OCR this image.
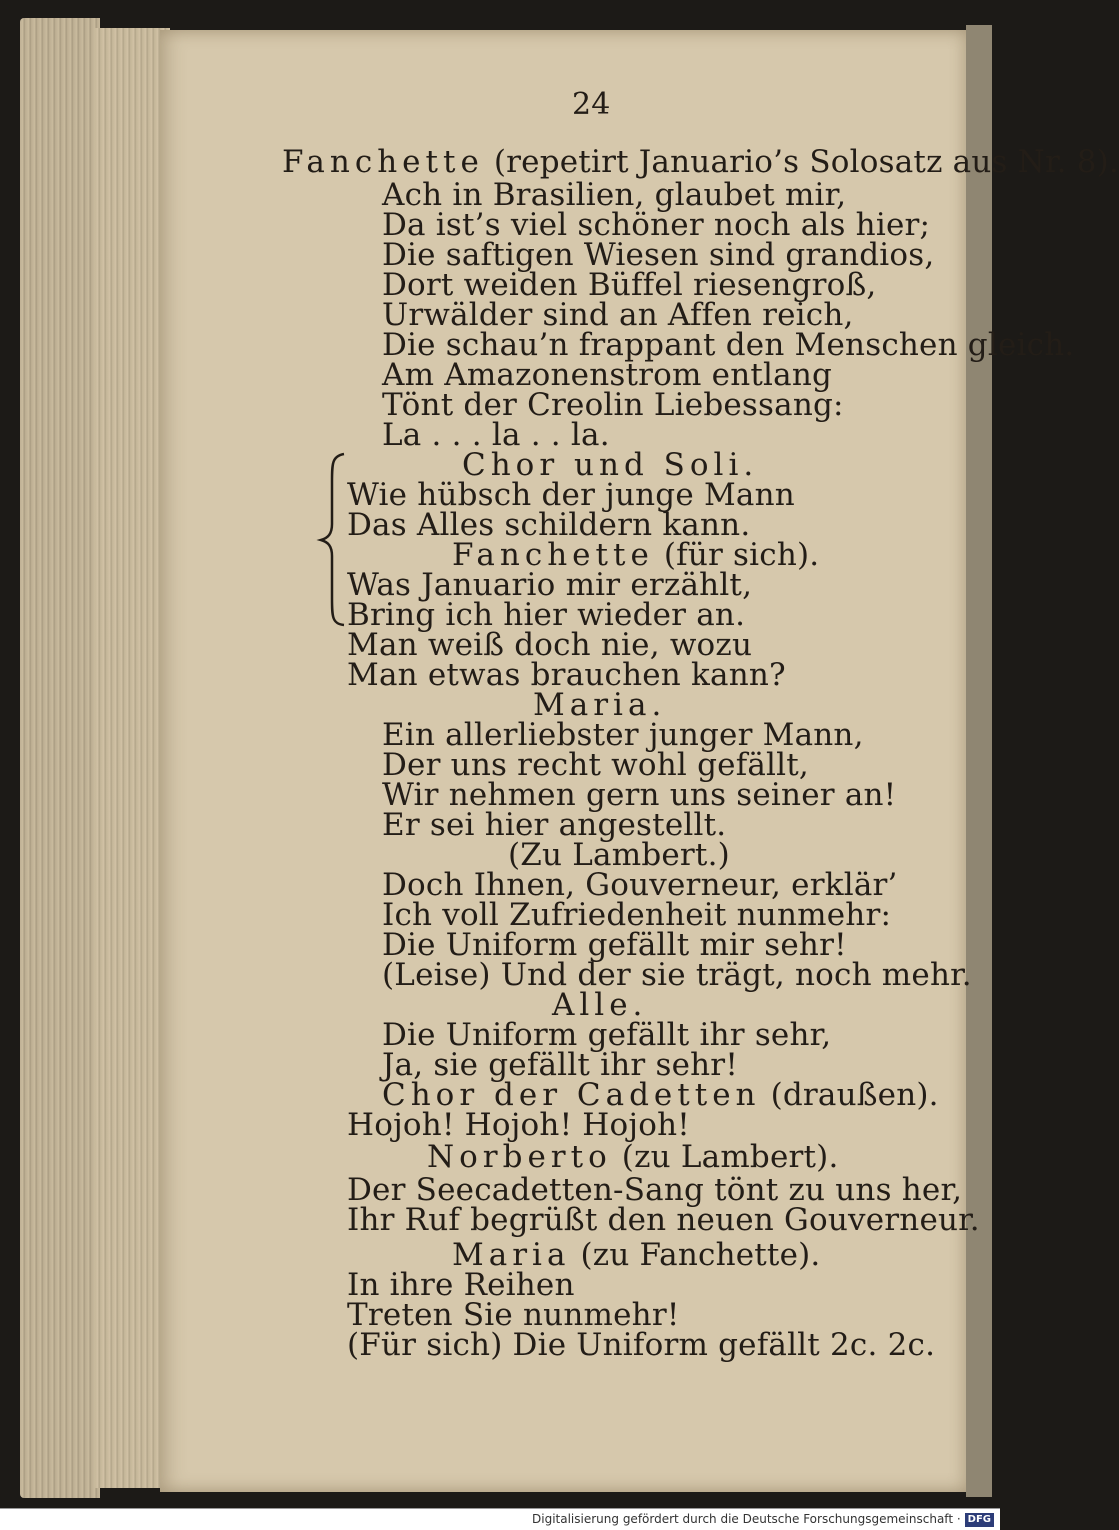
24
Fanchette (repetirt Januario’s Solosatz aus Nr. 8).
Ach in Brasilien, glaubet mir,
Da ist’s viel schöner noch als hier;
Die saftigen Wiesen sind grandios,
Dort weiden Büffel riesengroß,
Urwälder sind an Affen reich,
Die schau’n frappant den Menschen gleich.
Am Amazonenstrom entlang
Tönt der Creolin Liebessang:
La . . . la . . la.
Chor und Soli.
Wie hübsch der junge Mann
Das Alles schildern kann.
Fanchette (für sich).
Was Januario mir erzählt,
Bring ich hier wieder an.
Man weiß doch nie, wozu
Man etwas brauchen kann?
Maria.
Ein allerliebster junger Mann,
Der uns recht wohl gefällt,
Wir nehmen gern uns seiner an!
Er sei hier angestellt.
(Zu Lambert.)
Doch Ihnen, Gouverneur, erklär’
Ich voll Zufriedenheit nunmehr:
Die Uniform gefällt mir sehr!
(Leise) Und der sie trägt, noch mehr.
Alle.
Die Uniform gefällt ihr sehr,
Ja, sie gefällt ihr sehr!
Chor der Cadetten (draußen).
Hojoh! Hojoh! Hojoh!
Norberto (zu Lambert).
Der Seecadetten-Sang tönt zu uns her,
Ihr Ruf begrüßt den neuen Gouverneur.
Maria (zu Fanchette).
In ihre Reihen
Treten Sie nunmehr!
(Für sich) Die Uniform gefällt 2c. 2c.
Digitalisierung gefördert durch die Deutsche Forschungsgemeinschaft · DFG
